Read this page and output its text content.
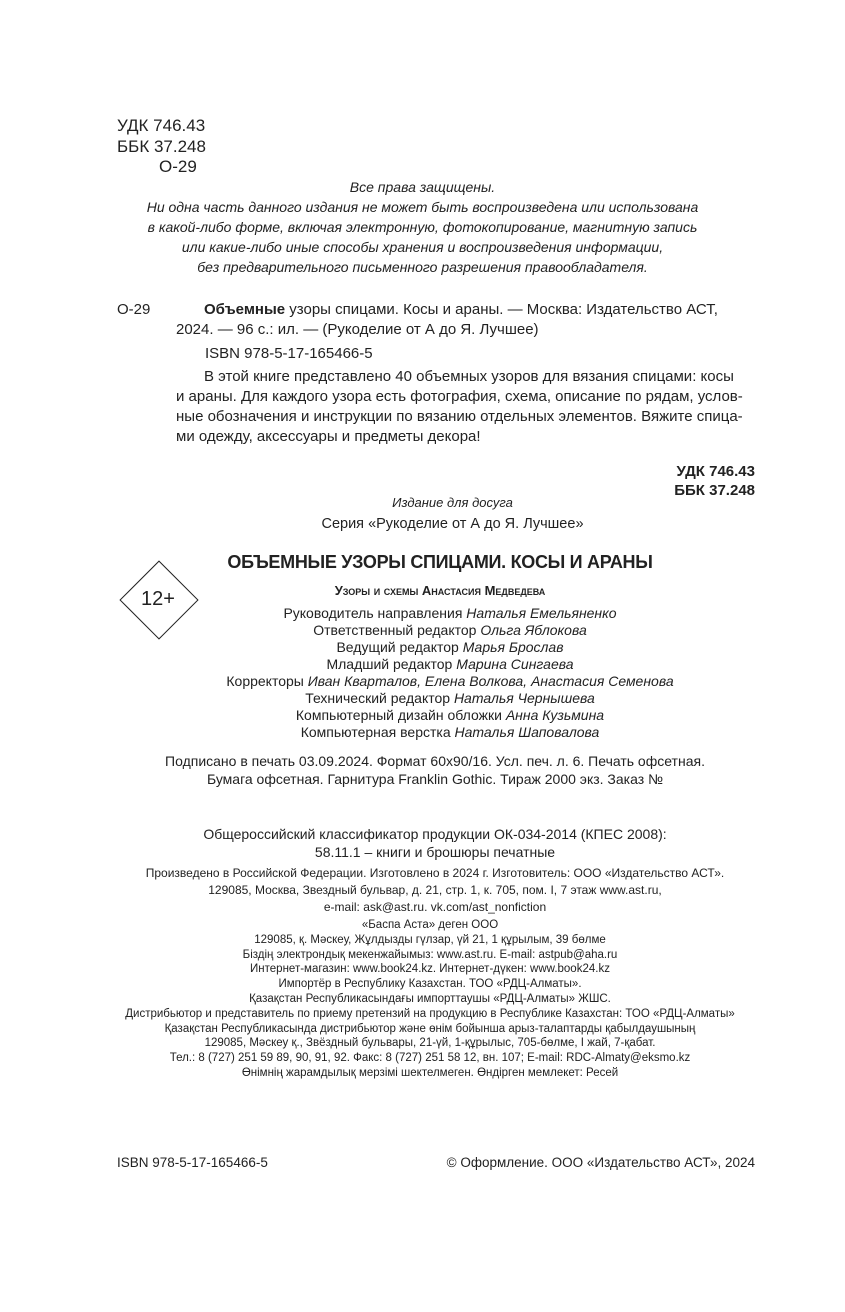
УДК 746.43
ББК 37.248
О-29
Все права защищены.
Ни одна часть данного издания не может быть воспроизведена или использована
в какой-либо форме, включая электронную, фотокопирование, магнитную запись
или какие-либо иные способы хранения и воспроизведения информации,
без предварительного письменного разрешения правообладателя.
О-29	Объемные узоры спицами. Косы и араны. — Москва: Издательство АСТ,
2024. — 96 с.: ил. — (Рукоделие от А до Я. Лучшее)
ISBN 978-5-17-165466-5
В этой книге представлено 40 объемных узоров для вязания спицами: косы
и араны. Для каждого узора есть фотография, схема, описание по рядам, услов-
ные обозначения и инструкции по вязанию отдельных элементов. Вяжите спица-
ми одежду, аксессуары и предметы декора!
УДК 746.43
ББК 37.248
Издание для досуга
Серия «Рукоделие от А до Я. Лучшее»
ОБЪЕМНЫЕ УЗОРЫ СПИЦАМИ. КОСЫ И АРАНЫ
Узоры и схемы Анастасия Медведева
12+
Руководитель направления Наталья Емельяненко
Ответственный редактор Ольга Яблокова
Ведущий редактор Марья Брослав
Младший редактор Марина Сингаева
Корректоры Иван Кварталов, Елена Волкова, Анастасия Семенова
Технический редактор Наталья Чернышева
Компьютерный дизайн обложки Анна Кузьмина
Компьютерная верстка Наталья Шаповалова
Подписано в печать 03.09.2024. Формат 60х90/16. Усл. печ. л. 6. Печать офсетная.
Бумага офсетная. Гарнитура Franklin Gothic. Тираж 2000 экз. Заказ №
Общероссийский классификатор продукции ОК-034-2014 (КПЕС 2008):
58.11.1 – книги и брошюры печатные
Произведено в Российской Федерации. Изготовлено в 2024 г. Изготовитель: ООО «Издательство АСТ».
129085, Москва, Звездный бульвар, д. 21, стр. 1, к. 705, пом. I, 7 этаж www.ast.ru,
e-mail: ask@ast.ru. vk.com/ast_nonfiction
«Баспа Аста» деген ООО
129085, қ. Мәскеу, Жұлдызды гүлзар, үй 21, 1 құрылым, 39 бөлме
Біздің электрондық мекенжайымыз: www.ast.ru. E-mail: astpub@aha.ru
Интернет-магазин: www.book24.kz. Интернет-дүкен: www.book24.kz
Импортёр в Республику Казахстан. ТОО «РДЦ-Алматы».
Қазақстан Республикасындағы импорттаушы «РДЦ-Алматы» ЖШС.
Дистрибьютор и представитель по приему претензий на продукцию в Республике Казахстан: ТОО «РДЦ-Алматы»
Қазақстан Республикасында дистрибьютор және өнім бойынша арыз-талаптарды қабылдаушының
129085, Мәскеу қ., Звёздный бульвары, 21-үй, 1-құрылыс, 705-бөлме, I жай, 7-қабат.
Тел.: 8 (727) 251 59 89, 90, 91, 92. Факс: 8 (727) 251 58 12, вн. 107; E-mail: RDC-Almaty@eksmo.kz
Өнімнің жарамдылық мерзімі шектелмеген. Өндірген мемлекет: Ресей
ISBN 978-5-17-165466-5	© Оформление. ООО «Издательство АСТ», 2024
